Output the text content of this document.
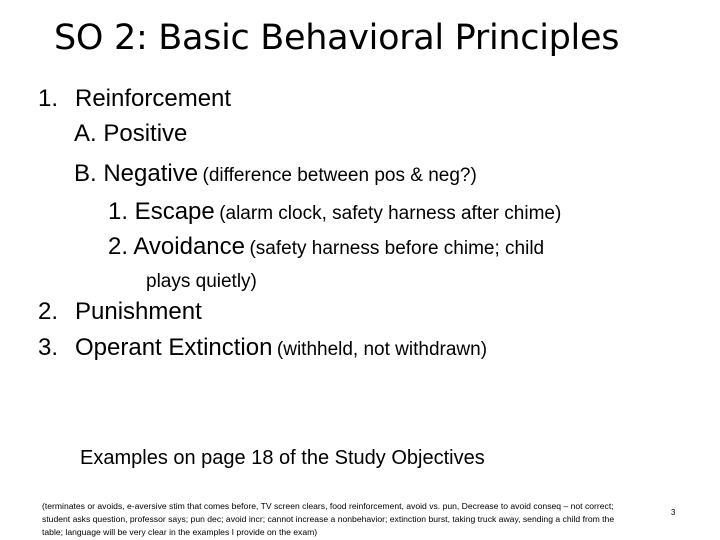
SO 2: Basic Behavioral Principles
1. Reinforcement
A. Positive
B. Negative (difference between pos & neg?)
1. Escape (alarm clock, safety harness after chime)
2. Avoidance (safety harness before chime; child
plays quietly)
2. Punishment
3. Operant Extinction (withheld, not withdrawn)
Examples on page 18 of the Study Objectives

(terminates or avoids, e-aversive stim that comes before, TV screen clears, food reinforcement, avoid vs. pun, Decrease to avoid conseq – not correct;

student asks question, professor says; pun dec; avoid incr; cannot increase a nonbehavior; extinction burst, taking truck away, sending a child from the

table; language will be very clear in the examples I provide on the exam)

3
